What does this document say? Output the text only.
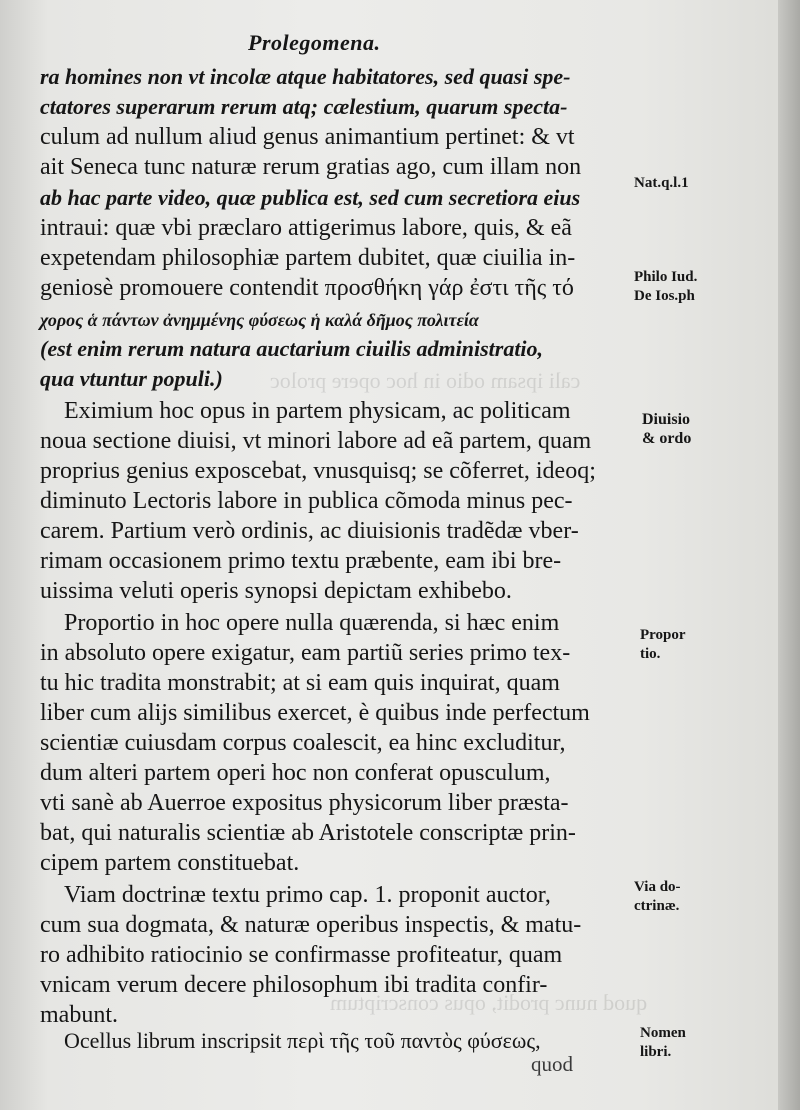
cali ipsam odio in hoc opere proloc
quod nunc prodit, opus conscriptum
Prolegomena.
ra homines non vt incolæ atque habitatores, sed quasi spe-
ctatores superarum rerum atq; cælestium, quarum specta-
culum ad nullum aliud genus animantium pertinet: & vt
ait Seneca tunc naturæ rerum gratias ago, cum illam non
ab hac parte video, quæ publica est, sed cum secretiora eius
intraui: quæ vbi præclaro attigerimus labore, quis, & eã
expetendam philosophiæ partem dubitet, quæ ciuilia in-
geniosè promouere contendit προσθήκη γάρ ἐστι τῆς τό
χορος ἁ πάντων ἀνημμένης φύσεως ἡ καλά δῆμος πολιτεία
(est enim rerum natura auctarium ciuilis administratio,
qua vtuntur populi.)
Eximium hoc opus in partem physicam, ac politicam
noua sectione diuisi, vt minori labore ad eã partem, quam
proprius genius exposcebat, vnusquisq; se cõferret, ideoq;
diminuto Lectoris labore in publica cõmoda minus pec-
carem. Partium verò ordinis, ac diuisionis tradẽdæ vber-
rimam occasionem primo textu præbente, eam ibi bre-
uissima veluti operis synopsi depictam exhibebo.
Proportio in hoc opere nulla quærenda, si hæc enim
in absoluto opere exigatur, eam partiũ series primo tex-
tu hic tradita monstrabit; at si eam quis inquirat, quam
liber cum alijs similibus exercet, è quibus inde perfectum
scientiæ cuiusdam corpus coalescit, ea hinc excluditur,
dum alteri partem operi hoc non conferat opusculum,
vti sanè ab Auerroe expositus physicorum liber præsta-
bat, qui naturalis scientiæ ab Aristotele conscriptæ prin-
cipem partem constituebat.
Viam doctrinæ textu primo cap. 1. proponit auctor,
cum sua dogmata, & naturæ operibus inspectis, & matu-
ro adhibito ratiocinio se confirmasse profiteatur, quam
vnicam verum decere philosophum ibi tradita confir-
mabunt.
Ocellus librum inscripsit περὶ τῆς τοῦ παντὸς φύσεως,
Nat.q.l.1
Philo Iud.
De Ios.ph
Diuisio
& ordo
Propor
tio.
Via do-
ctrinæ.
Nomen
libri.
quod
